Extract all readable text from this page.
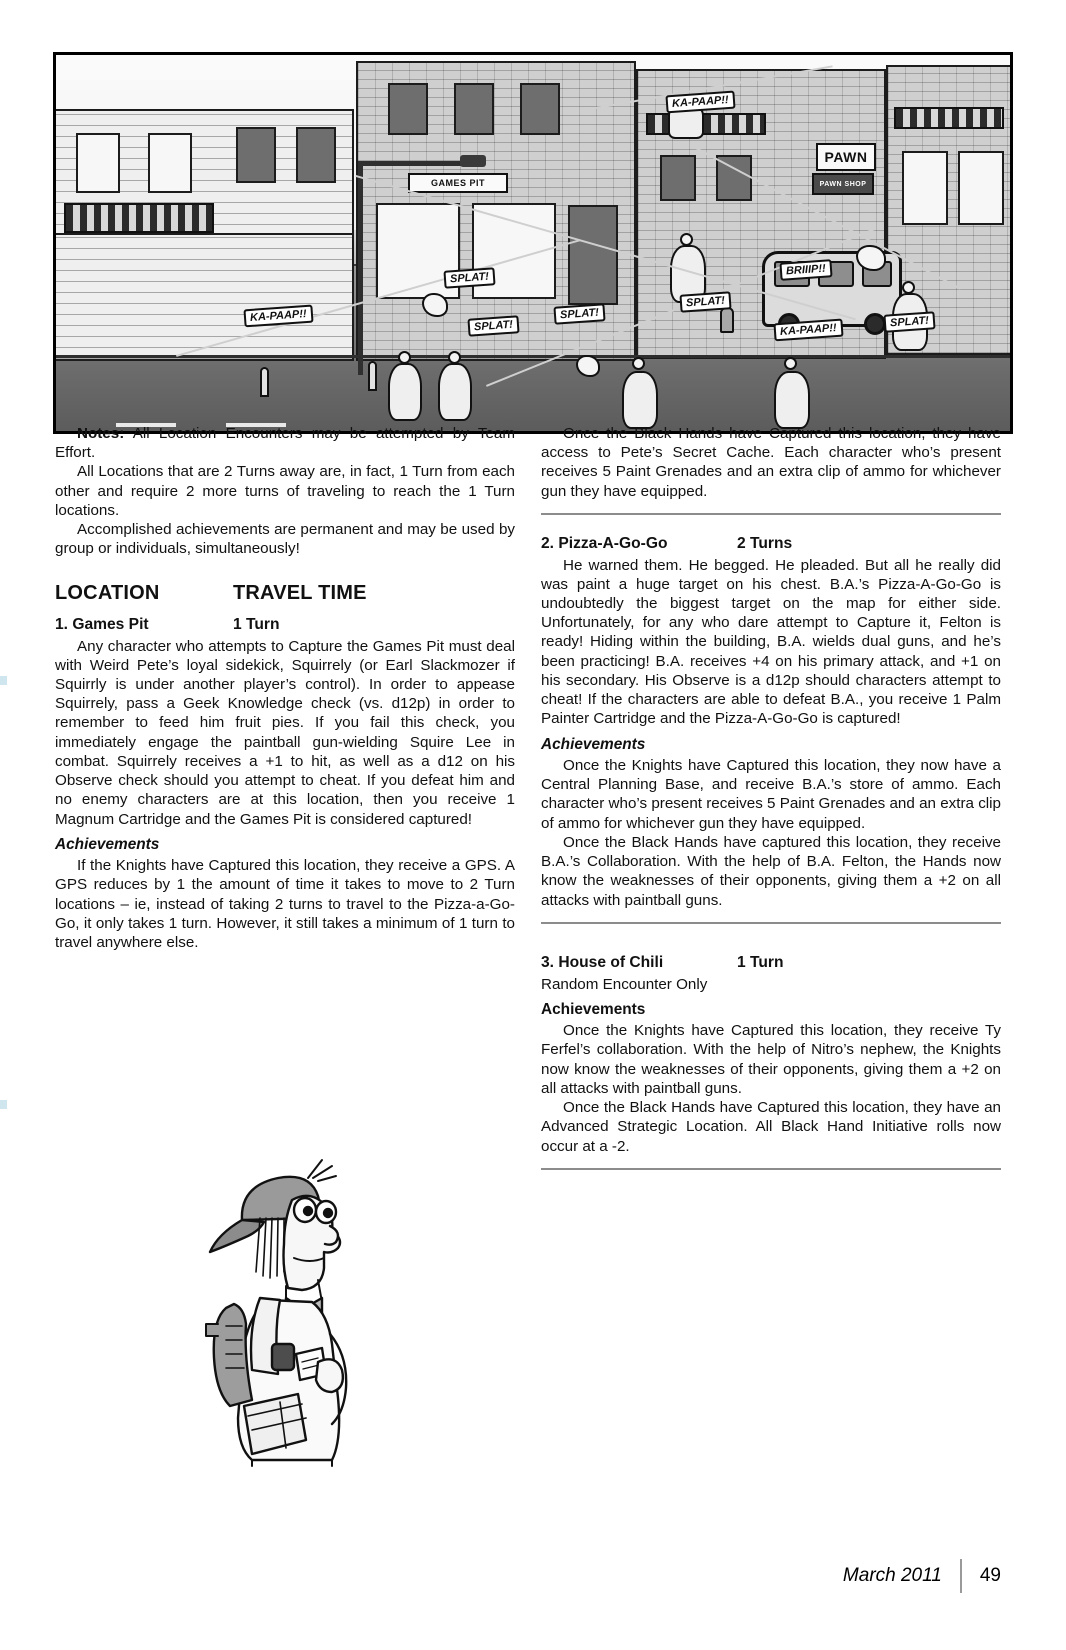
GAMES PIT
PAWN
PAWN SHOP
KA-PAAP!!
SPLAT!
SPLAT!
KA-PAAP!!
SPLAT!
BRIIIP!!
SPLAT!
KA-PAAP!!
SPLAT!

Notes: All Location Encounters may be attempted by Team Effort.

All Locations that are 2 Turns away are, in fact, 1 Turn from each other and require 2 more turns of traveling to reach the 1 Turn locations.

Accomplished achievements are permanent and may be used by group or individuals, simultaneously!

LOCATION	TRAVEL TIME
1. Games Pit	1 Turn

Any character who attempts to Capture the Games Pit must deal with Weird Pete’s loyal sidekick, Squirrely (or Earl Slackmozer if Squirrly is under another player’s control). In order to appease Squirrely, pass a Geek Knowledge check (vs. d12p) in order to remember to feed him fruit pies. If you fail this check, you immediately engage the paintball gun-wielding Squire Lee in combat. Squirrely receives a +1 to hit, as well as a d12 on his Observe check should you attempt to cheat. If you defeat him and no enemy characters are at this location, then you receive 1 Magnum Cartridge and the Games Pit is considered captured!

Achievements

If the Knights have Captured this location, they receive a GPS. A GPS reduces by 1 the amount of time it takes to move to 2 Turn locations – ie, instead of taking 2 turns to travel to the Pizza-a-Go-Go, it only takes 1 turn. However, it still takes a minimum of 1 turn to travel anywhere else.

Once the Black Hands have Captured this location, they have access to Pete’s Secret Cache. Each character who’s present receives 5 Paint Grenades and an extra clip of ammo for whichever gun they have equipped.

2. Pizza-A-Go-Go	2 Turns

He warned them. He begged. He pleaded. But all he really did was paint a huge target on his chest. B.A.’s Pizza-A-Go-Go is undoubtedly the biggest target on the map for either side. Unfortunately, for any who dare attempt to Capture it, Felton is ready! Hiding within the building, B.A. wields dual guns, and he’s been practicing! B.A. receives +4 on his primary attack, and +1 on his secondary. His Observe is a d12p should characters attempt to cheat! If the characters are able to defeat B.A., you receive 1 Palm Painter Cartridge and the Pizza-A-Go-Go is captured!

Achievements

Once the Knights have Captured this location, they now have a Central Planning Base, and receive B.A.’s store of ammo. Each character who’s present receives 5 Paint Grenades and an extra clip of ammo for whichever gun they have equipped.

Once the Black Hands have captured this location, they receive B.A.’s Collaboration. With the help of B.A. Felton, the Hands now know the weaknesses of their opponents, giving them a +2 on all attacks with paintball guns.

3. House of Chili	1 Turn

Random Encounter Only

Achievements

Once the Knights have Captured this location, they receive Ty Ferfel’s collaboration. With the help of Nitro’s nephew, the Knights now know the weaknesses of their opponents, giving them a +2 on all attacks with paintball guns.

Once the Black Hands have Captured this location, they have an Advanced Strategic Location. All Black Hand Initiative rolls now occur at a -2.

March 2011 49
